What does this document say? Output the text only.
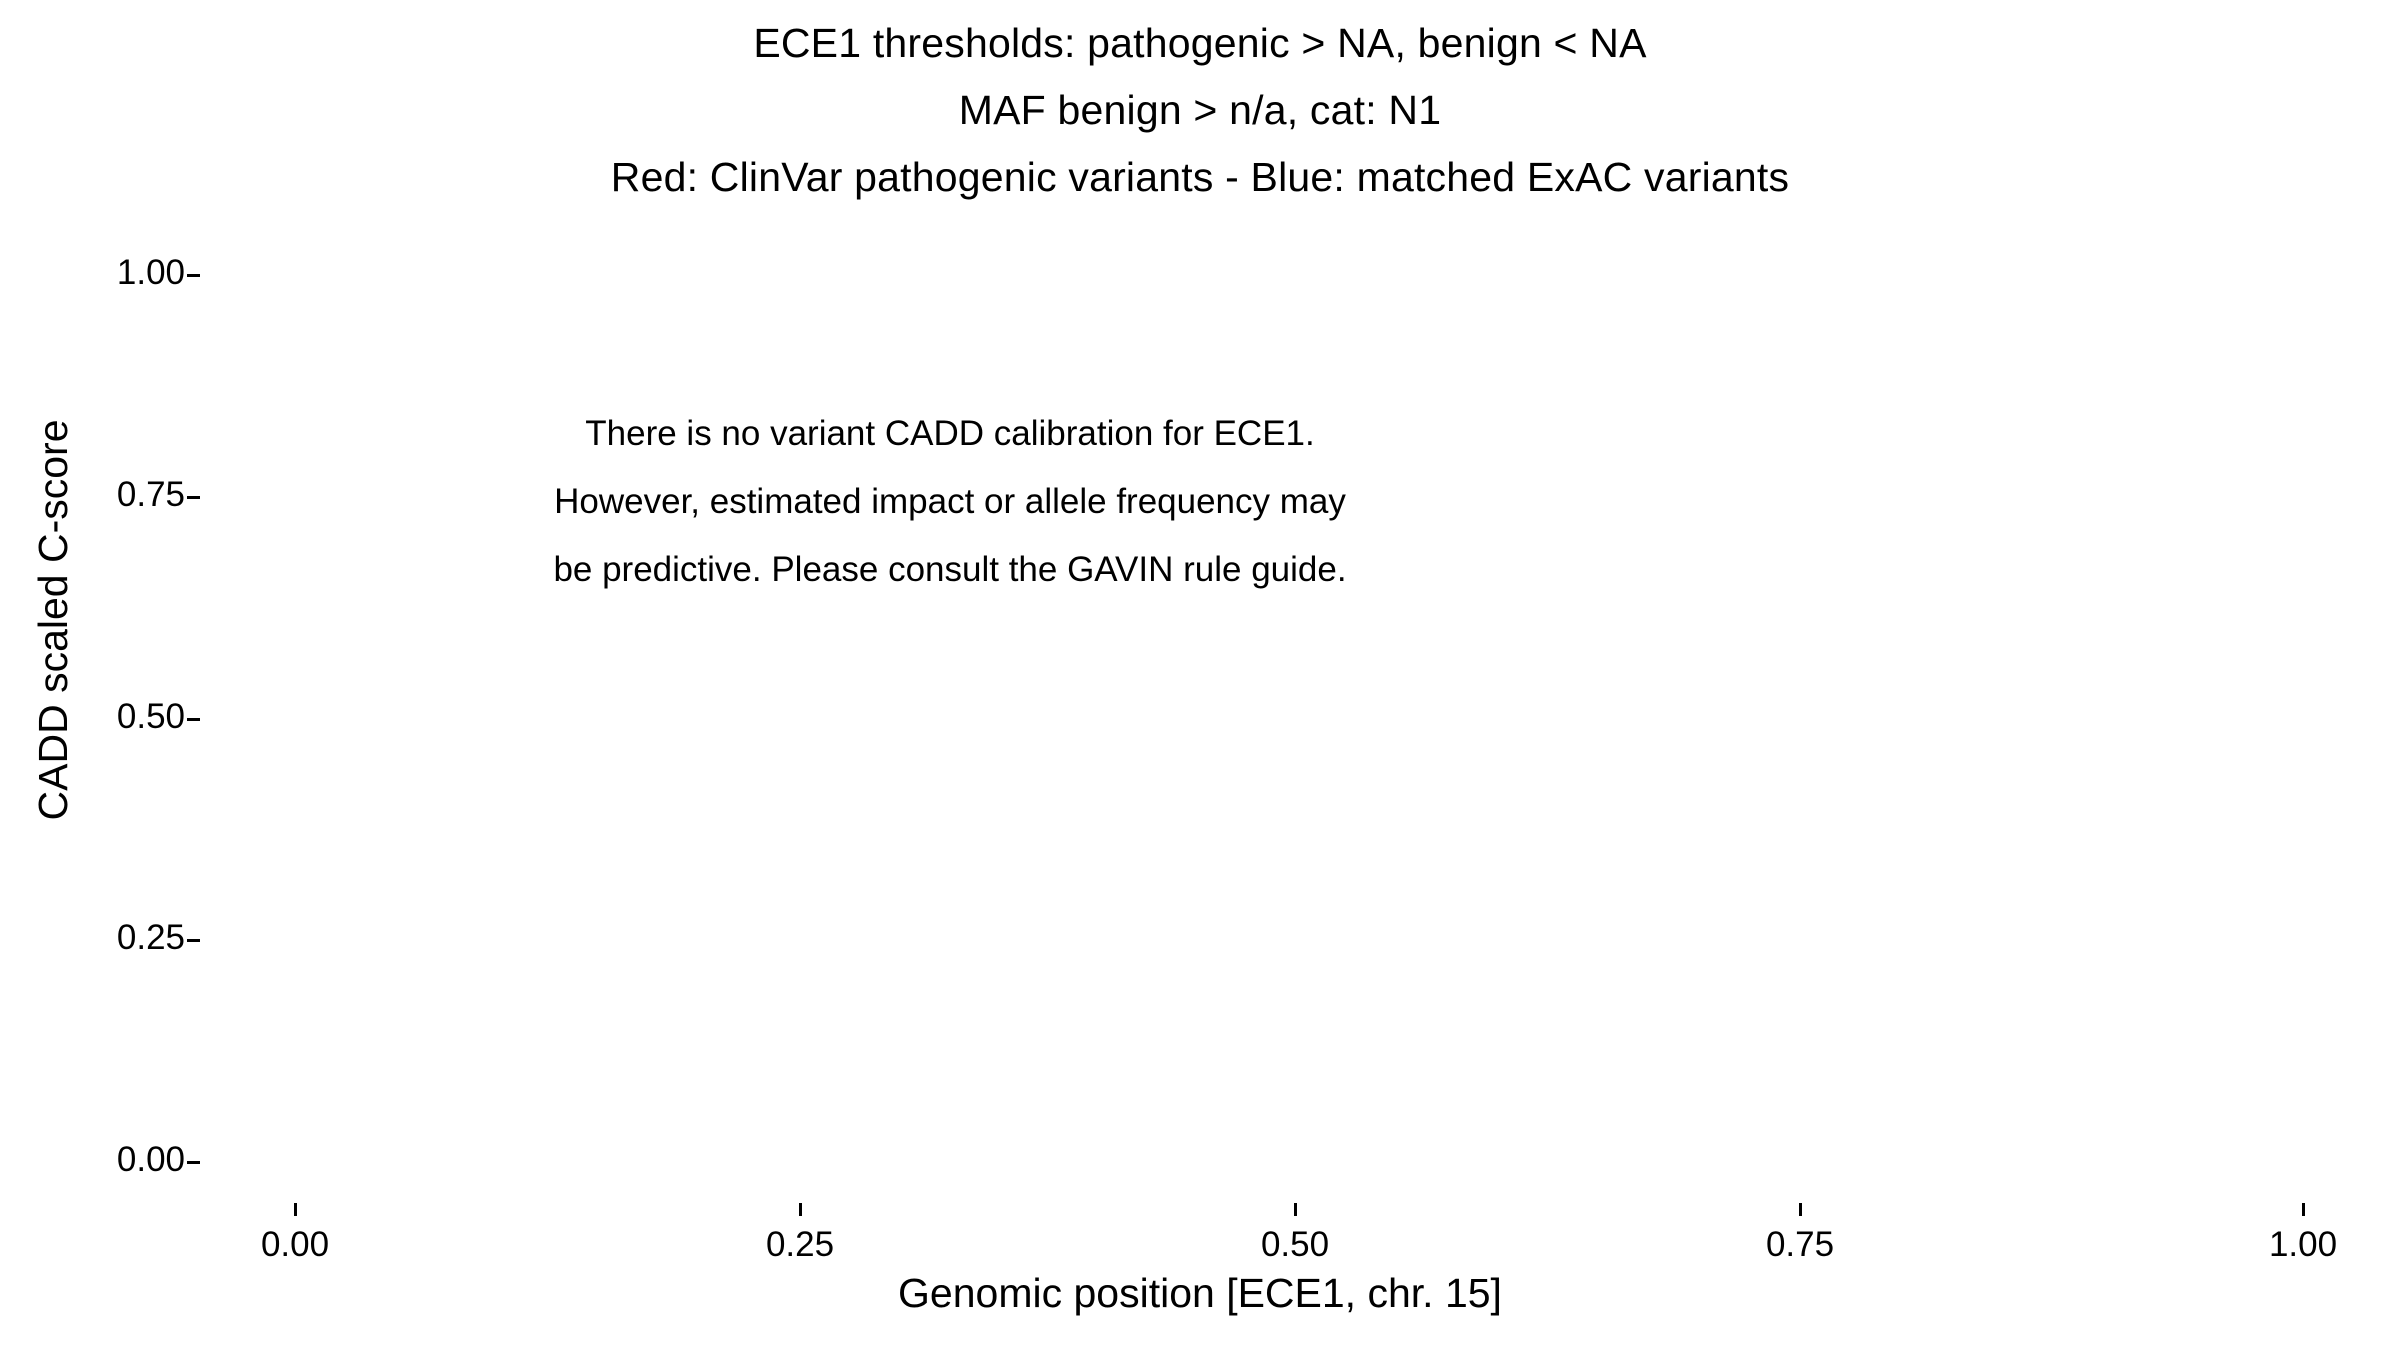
ECE1 thresholds: pathogenic > NA, benign < NA
MAF benign > n/a, cat: N1
Red: ClinVar pathogenic variants - Blue: matched ExAC variants
CADD scaled C-score
1.00
0.75
0.50
0.25
0.00
0.00	0.25	0.50	0.75	1.00
There is no variant CADD calibration for ECE1.
However, estimated impact or allele frequency may
be predictive. Please consult the GAVIN rule guide.
Genomic position [ECE1, chr. 15]
